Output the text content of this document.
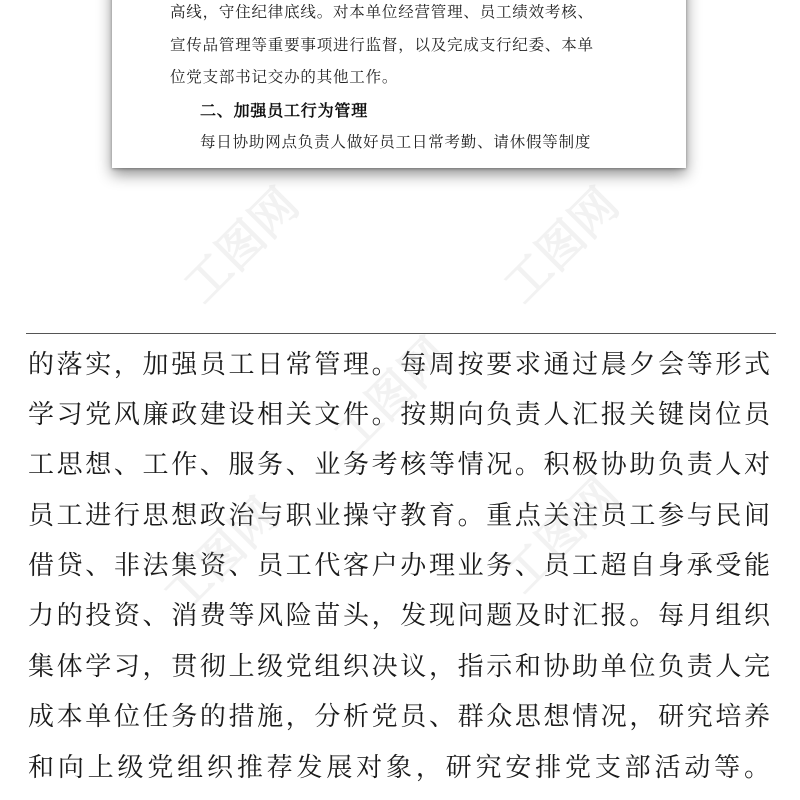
高线，守住纪律底线。对本单位经营管理、员工绩效考核、
宣传品管理等重要事项进行监督，以及完成支行纪委、本单
位党支部书记交办的其他工作。
二、加强员工行为管理
每日协助网点负责人做好员工日常考勤、请休假等制度
的落实，加强员工日常管理。每周按要求通过晨夕会等形式
学习党风廉政建设相关文件。按期向负责人汇报关键岗位员
工思想、工作、服务、业务考核等情况。积极协助负责人对
员工进行思想政治与职业操守教育。重点关注员工参与民间
借贷、非法集资、员工代客户办理业务、员工超自身承受能
力的投资、消费等风险苗头，发现问题及时汇报。每月组织
集体学习，贯彻上级党组织决议，指示和协助单位负责人完
成本单位任务的措施，分析党员、群众思想情况，研究培养
和向上级党组织推荐发展对象，研究安排党支部活动等。
工图网	工图网
工图网
工图网	工图网
